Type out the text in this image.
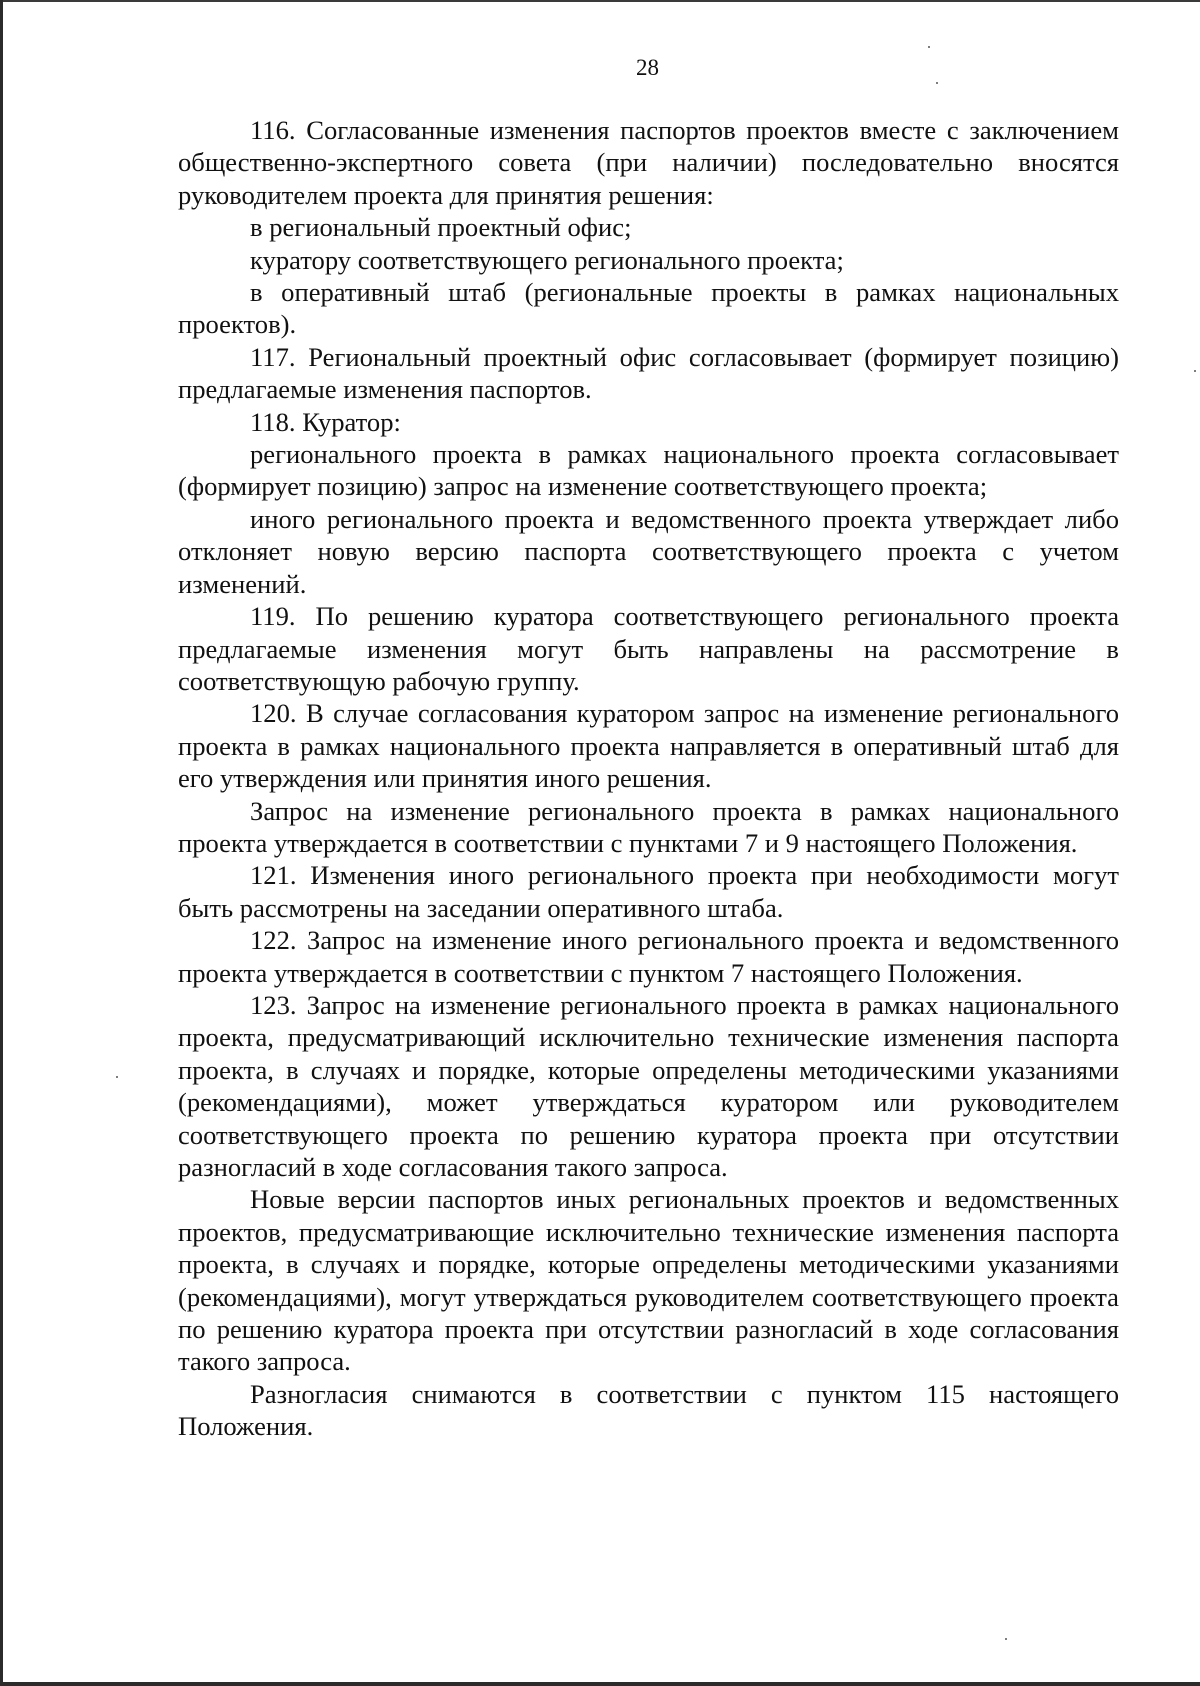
28

116. Согласованные изменения паспортов проектов вместе с заключением общественно-экспертного совета (при наличии) последовательно вносятся руководителем проекта для принятия решения:

в региональный проектный офис;

куратору соответствующего регионального проекта;

в оперативный штаб (региональные проекты в рамках национальных проектов).

117. Региональный проектный офис согласовывает (формирует позицию) предлагаемые изменения паспортов.

118. Куратор:

регионального проекта в рамках национального проекта согласовывает (формирует позицию) запрос на изменение соответствующего проекта;

иного регионального проекта и ведомственного проекта утверждает либо отклоняет новую версию паспорта соответствующего проекта с учетом изменений.

119. По решению куратора соответствующего регионального проекта предлагаемые изменения могут быть направлены на рассмотрение в соответствующую рабочую группу.

120. В случае согласования куратором запрос на изменение регионального проекта в рамках национального проекта направляется в оперативный штаб для его утверждения или принятия иного решения.

Запрос на изменение регионального проекта в рамках национального проекта утверждается в соответствии с пунктами 7 и 9 настоящего Положения.

121. Изменения иного регионального проекта при необходимости могут быть рассмотрены на заседании оперативного штаба.

122. Запрос на изменение иного регионального проекта и ведомственного проекта утверждается в соответствии с пунктом 7 настоящего Положения.

123. Запрос на изменение регионального проекта в рамках национального проекта, предусматривающий исключительно технические изменения паспорта проекта, в случаях и порядке, которые определены методическими указаниями (рекомендациями), может утверждаться куратором или руководителем соответствующего проекта по решению куратора проекта при отсутствии разногласий в ходе согласования такого запроса.

Новые версии паспортов иных региональных проектов и ведомственных проектов, предусматривающие исключительно технические изменения паспорта проекта, в случаях и порядке, которые определены методическими указаниями (рекомендациями), могут утверждаться руководителем соответствующего проекта по решению куратора проекта при отсутствии разногласий в ходе согласования такого запроса.

Разногласия снимаются в соответствии с пунктом 115 настоящего Положения.
